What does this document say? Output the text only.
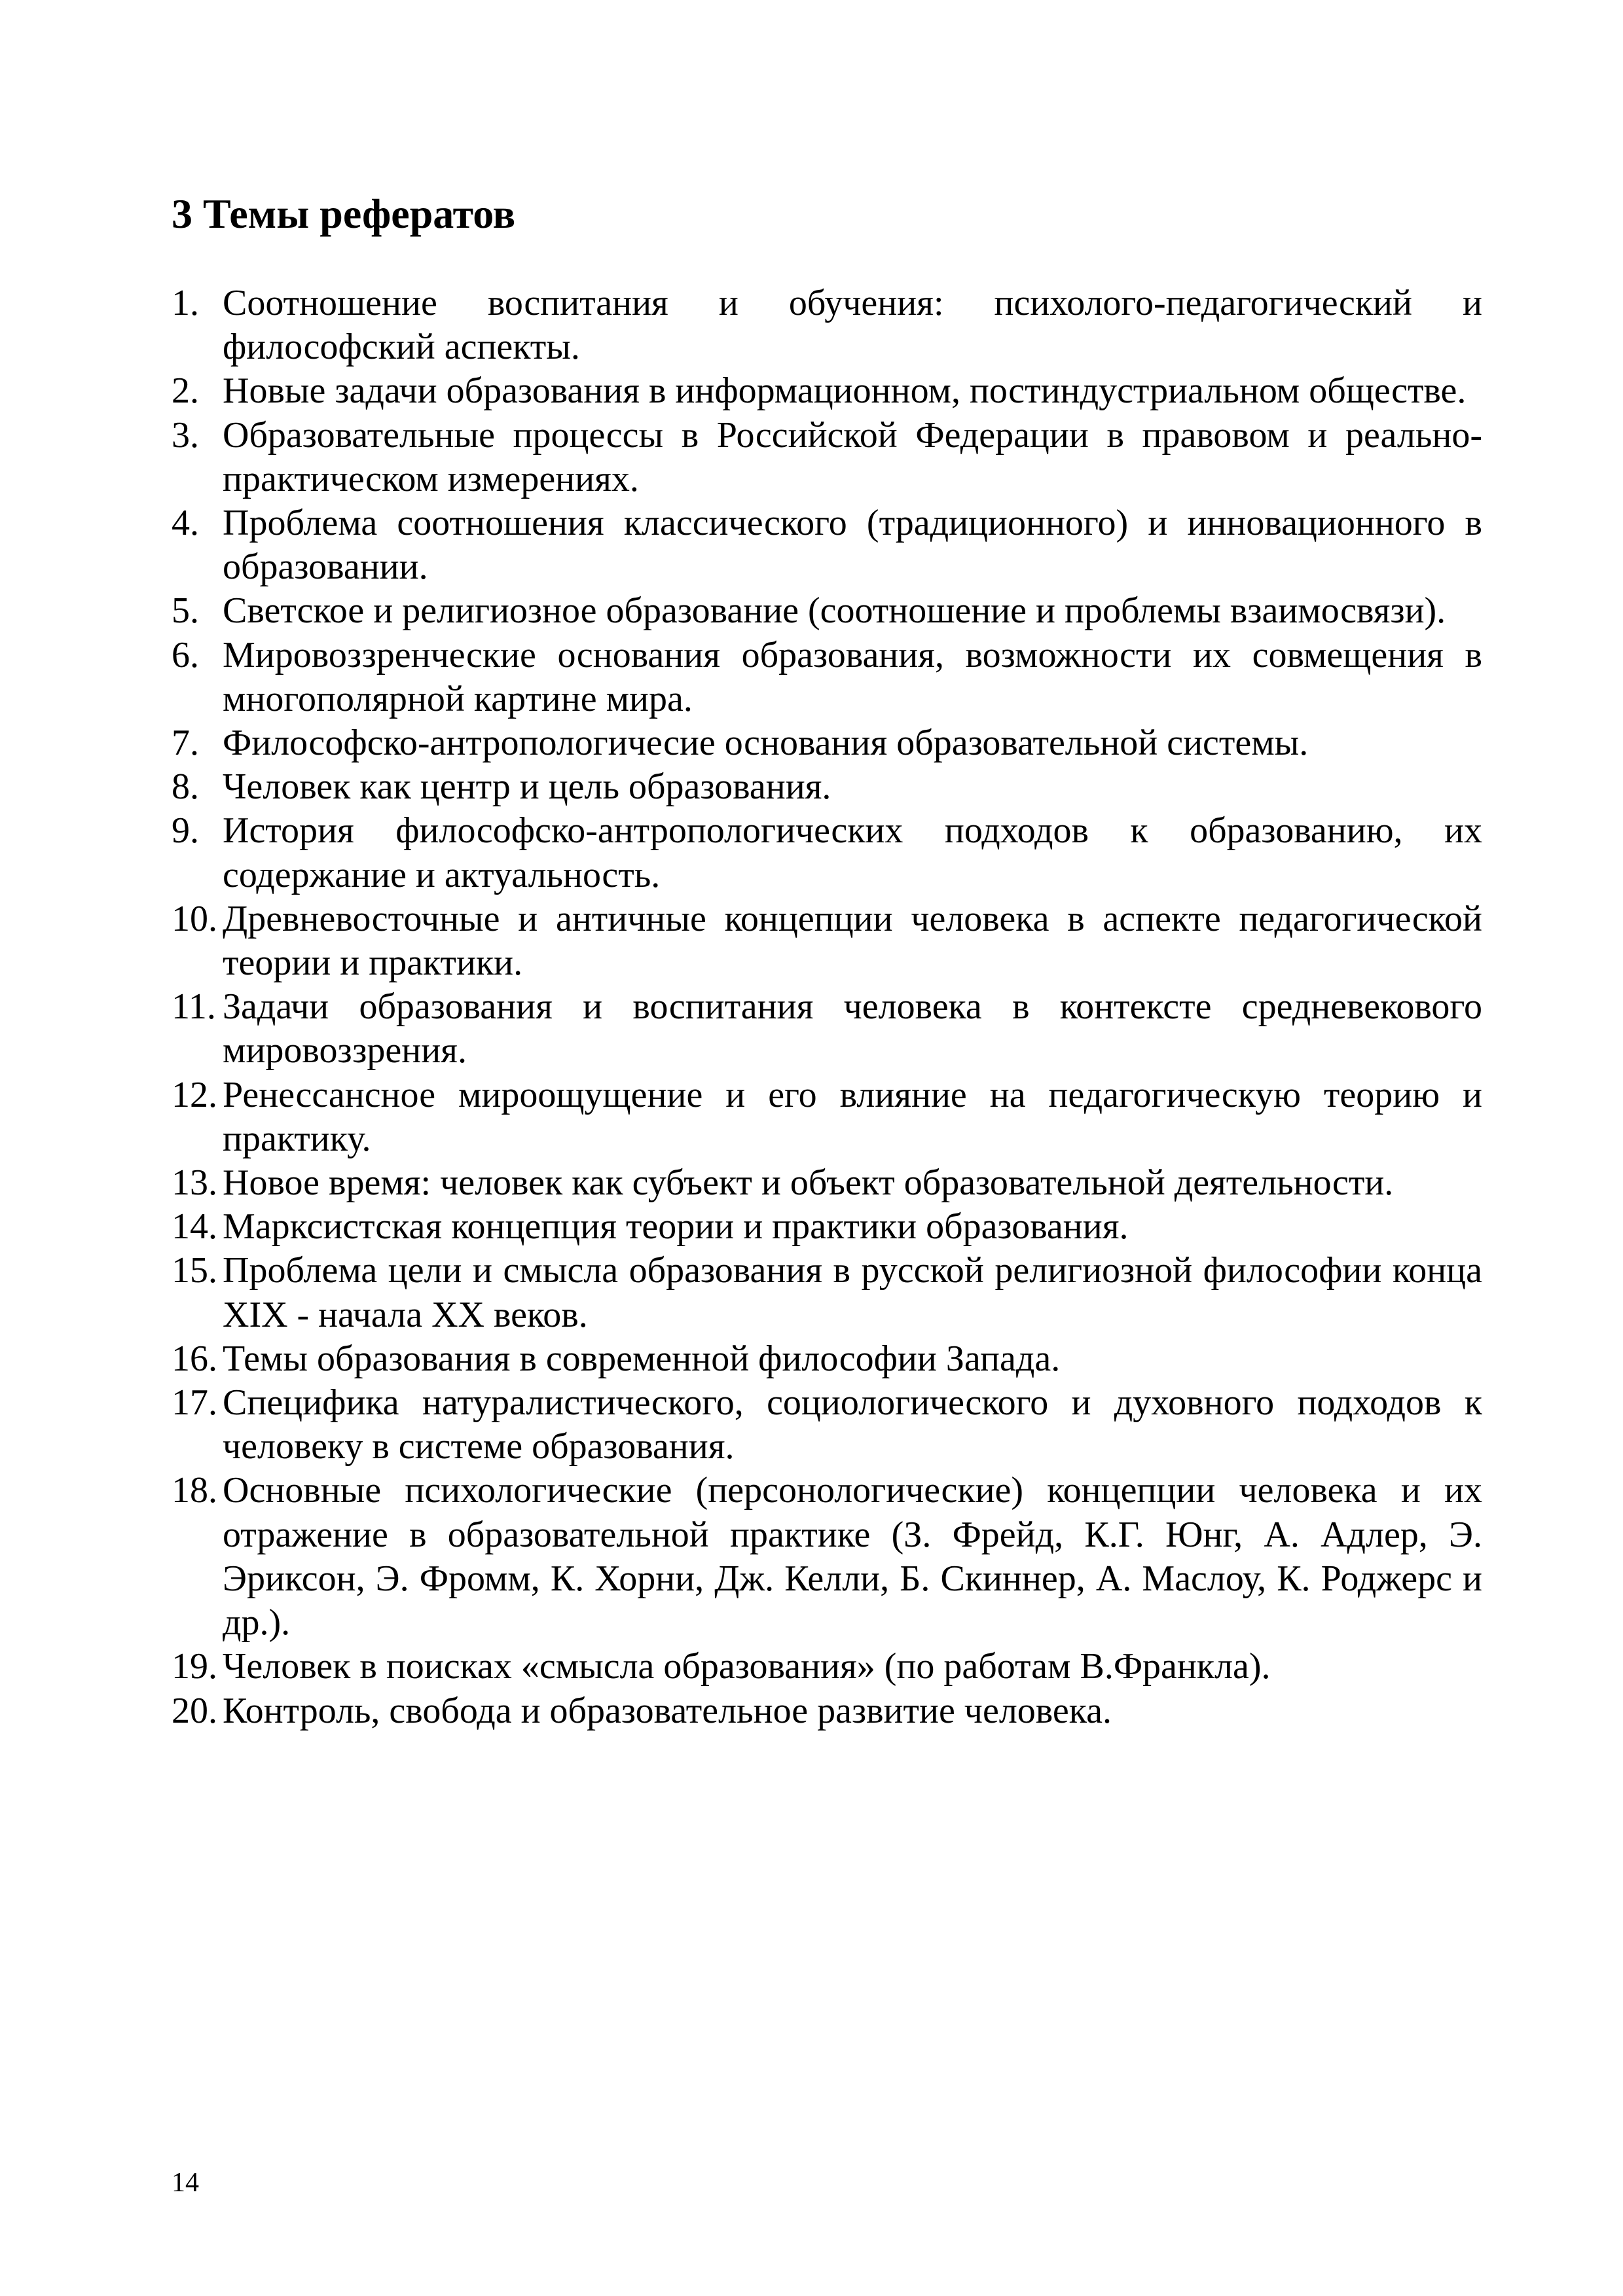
3 Темы рефератов
1. Соотношение воспитания и обучения: психолого-педагогический и философский аспекты.
2. Новые задачи образования в информационном, постиндустриальном обществе.
3. Образовательные процессы в Российской Федерации в правовом и реально-практическом измерениях.
4. Проблема соотношения классического (традиционного) и инновационного в образовании.
5. Светское и религиозное образование (соотношение и проблемы взаимосвязи).
6. Мировоззренческие основания образования, возможности их совмещения в многополярной картине мира.
7. Философско-антропологичесие основания образовательной системы.
8. Человек как центр и цель образования.
9. История философско-антропологических подходов к образованию, их содержание и актуальность.
10. Древневосточные и античные концепции человека в аспекте педагогической теории и практики.
11. Задачи образования и воспитания человека в контексте средневекового мировоззрения.
12. Ренессансное мироощущение и его влияние на педагогическую теорию и практику.
13. Новое время: человек как субъект и объект образовательной деятельности.
14. Марксистская концепция теории и практики образования.
15. Проблема цели и смысла образования в русской религиозной философии конца XIX - начала XX веков.
16. Темы образования в современной философии Запада.
17. Специфика натуралистического, социологического и духовного подходов к человеку в системе образования.
18. Основные психологические (персонологические) концепции человека и их отражение в образовательной практике (З. Фрейд, К.Г. Юнг, А. Адлер, Э. Эриксон, Э. Фромм, К. Хорни, Дж. Келли, Б. Скиннер, А. Маслоу, К. Роджерс и др.).
19. Человек в поисках «смысла образования» (по работам В.Франкла).
20. Контроль, свобода и образовательное развитие человека.
14
